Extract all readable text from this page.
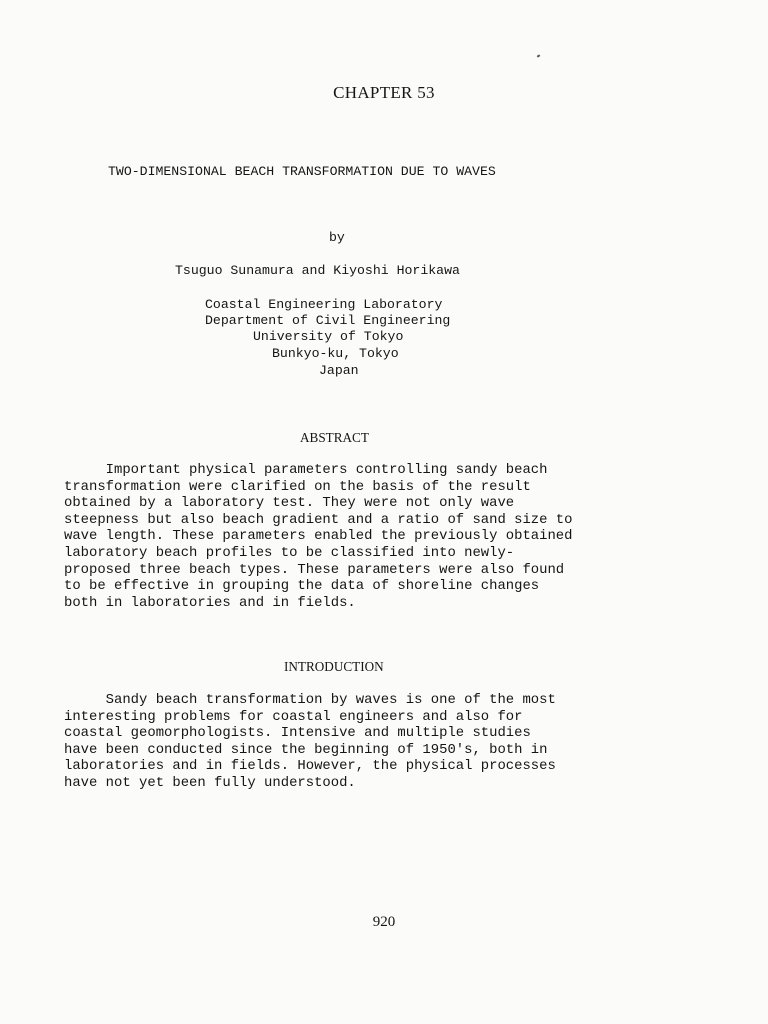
CHAPTER 53
TWO-DIMENSIONAL BEACH TRANSFORMATION DUE TO WAVES
by
Tsuguo Sunamura and Kiyoshi Horikawa
Coastal Engineering Laboratory
Department of Civil Engineering
University of Tokyo
Bunkyo-ku, Tokyo
Japan
ABSTRACT
Important physical parameters controlling sandy beach
transformation were clarified on the basis of the result
obtained by a laboratory test. They were not only wave
steepness but also beach gradient and a ratio of sand size to
wave length. These parameters enabled the previously obtained
laboratory beach profiles to be classified into newly-
proposed three beach types. These parameters were also found
to be effective in grouping the data of shoreline changes
both in laboratories and in fields.
INTRODUCTION
Sandy beach transformation by waves is one of the most
interesting problems for coastal engineers and also for
coastal geomorphologists. Intensive and multiple studies
have been conducted since the beginning of 1950's, both in
laboratories and in fields. However, the physical processes
have not yet been fully understood.
920
